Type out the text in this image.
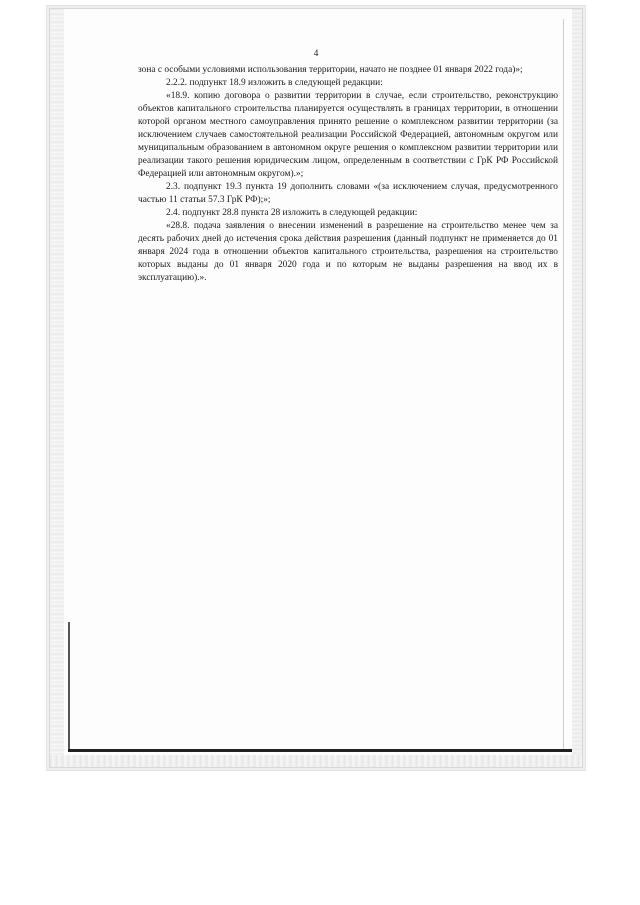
4

зона с особыми условиями использования территории, начато не позднее 01 января 2022 года)»;

2.2.2. подпункт 18.9 изложить в следующей редакции:

«18.9. копию договора о развитии территории в случае, если строительство, реконструкцию объектов капитального строительства планируется осуществлять в границах территории, в отношении которой органом местного самоуправления принято решение о комплексном развитии территории (за исключением случаев самостоятельной реализации Российской Федерацией, автономным округом или муниципальным образованием в автономном округе решения о комплексном развитии территории или реализации такого решения юридическим лицом, определенным в соответствии с ГрК РФ Российской Федерацией или автономным округом).»;

2.3. подпункт 19.3 пункта 19 дополнить словами «(за исключением случая, предусмотренного частью 11 статьи 57.3 ГрК РФ);»;

2.4. подпункт 28.8 пункта 28 изложить в следующей редакции:

«28.8. подача заявления о внесении изменений в разрешение на строительство менее чем за десять рабочих дней до истечения срока действия разрешения (данный подпункт не применяется до 01 января 2024 года в отношении объектов капитального строительства, разрешения на строительство которых выданы до 01 января 2020 года и по которым не выданы разрешения на ввод их в эксплуатацию).».
